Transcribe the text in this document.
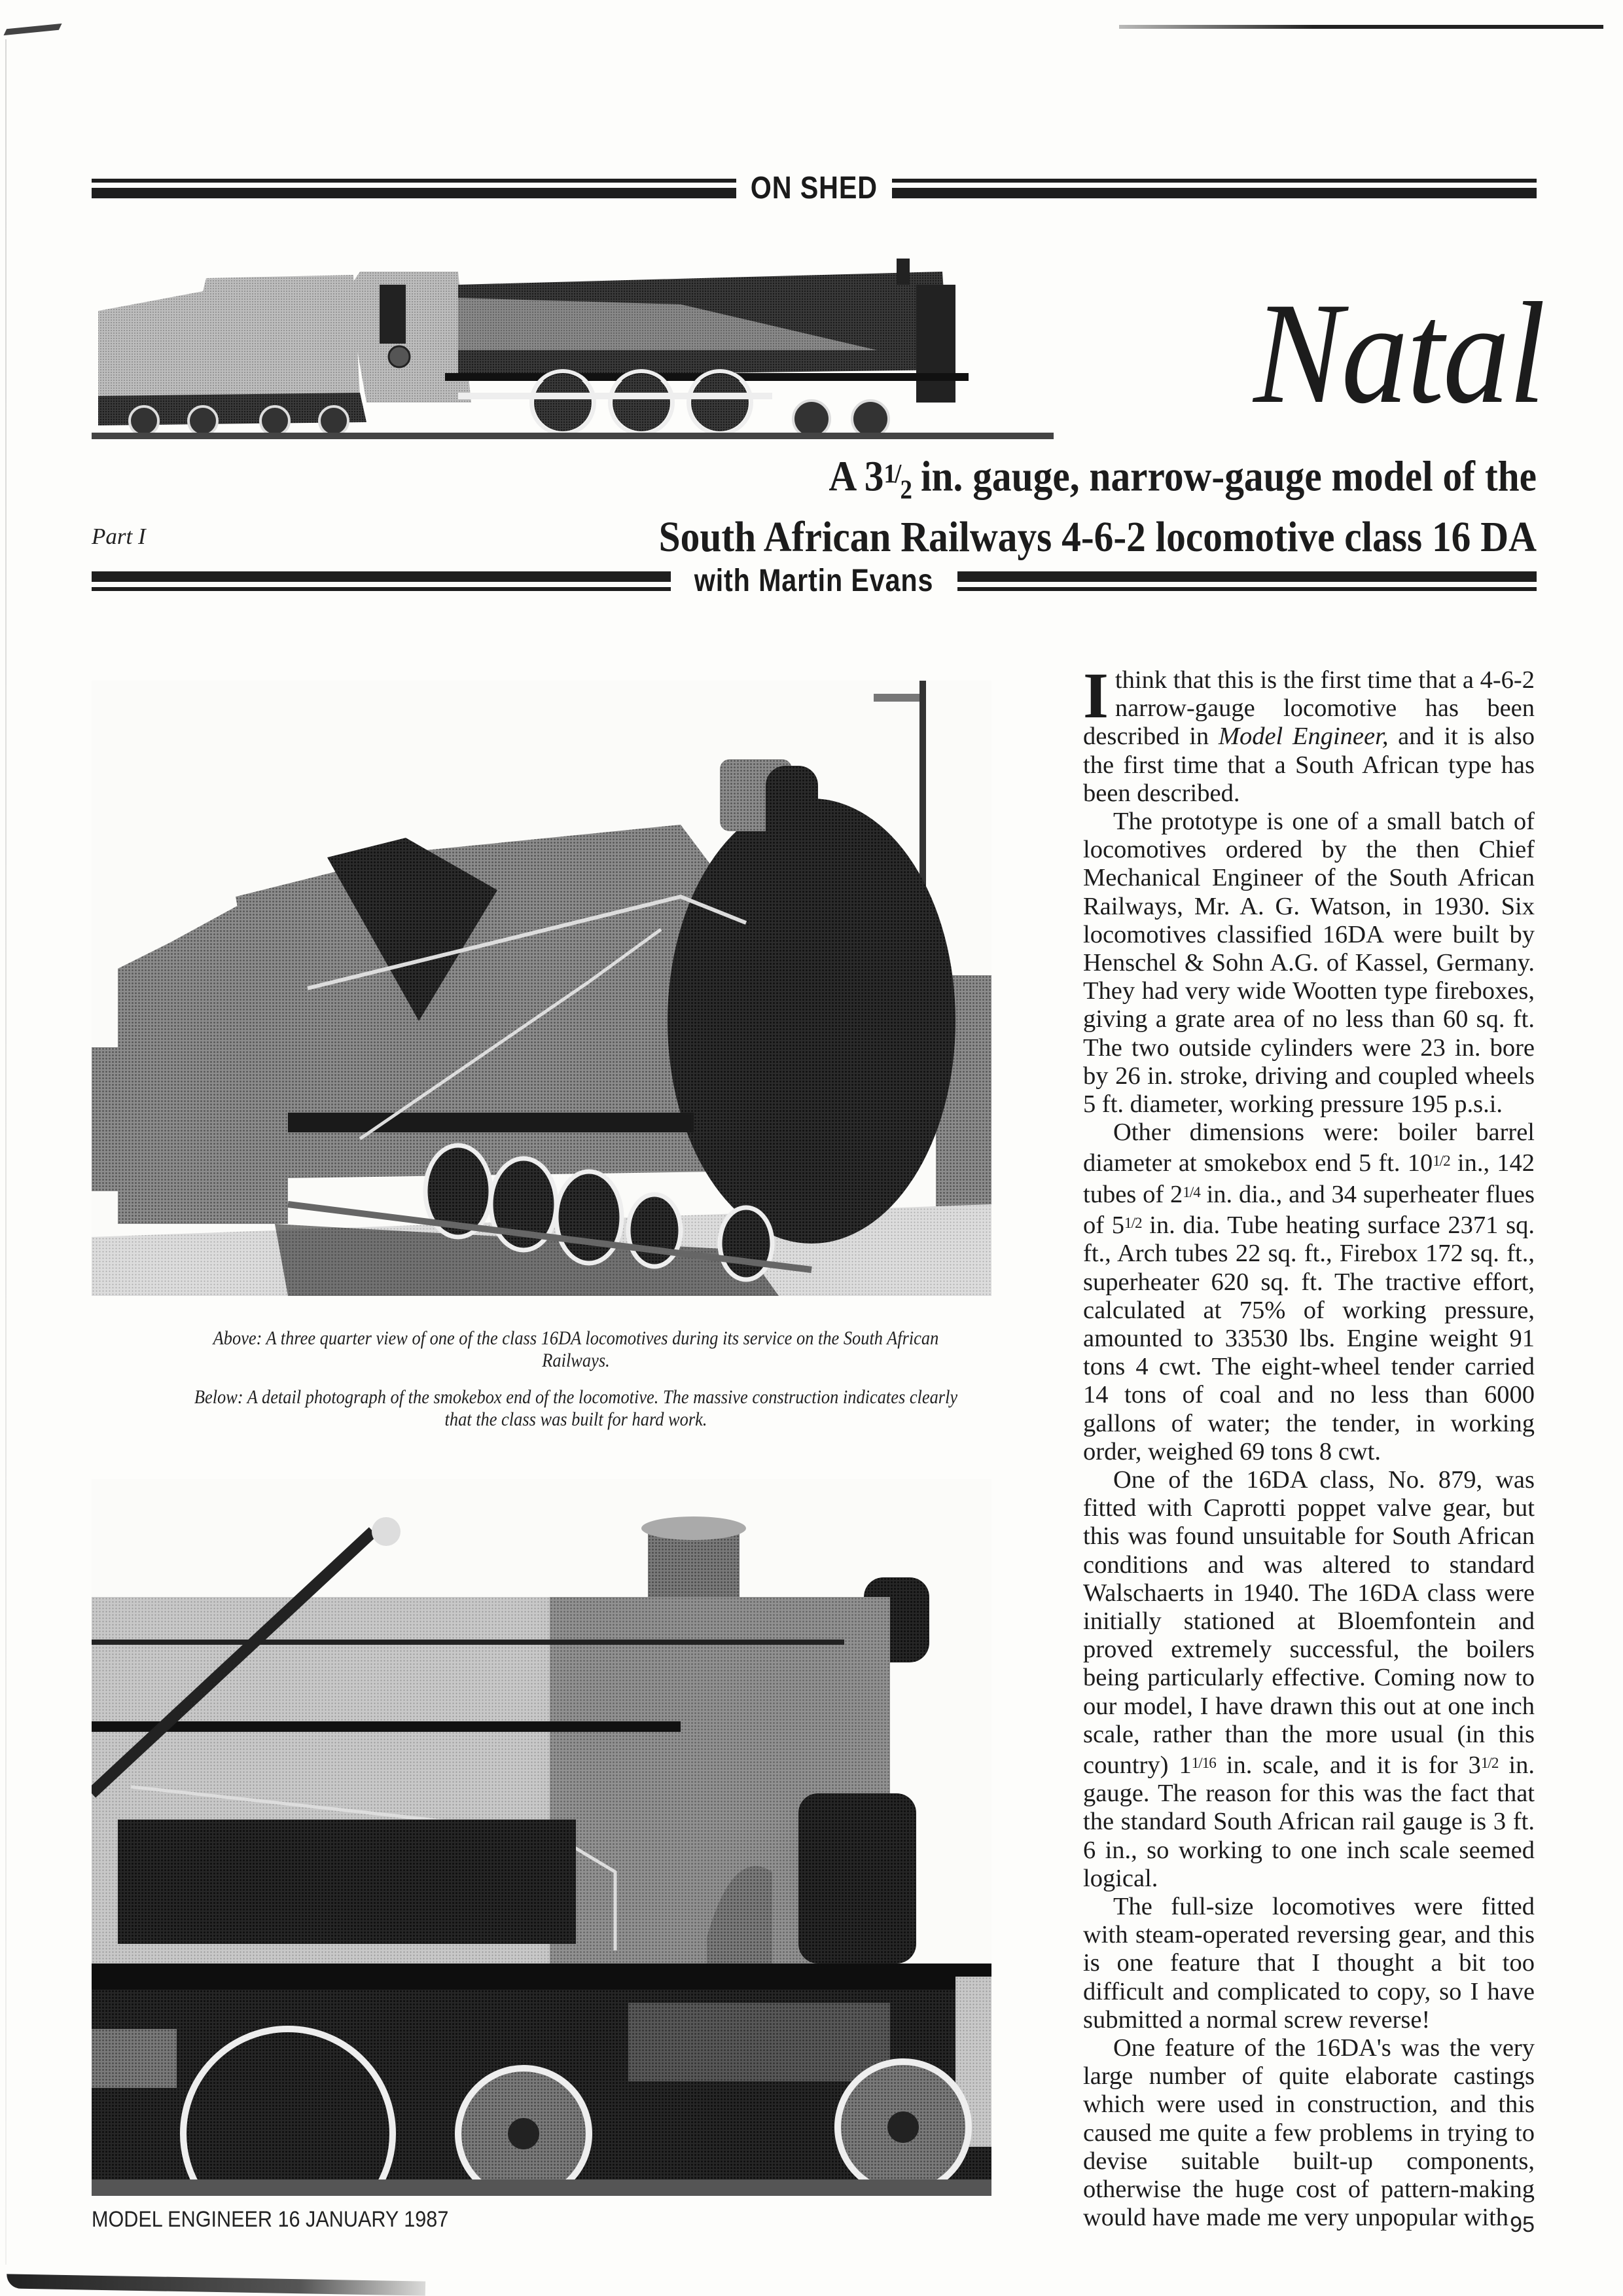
ON SHED
Natal
A $31/_2$ in. gauge, narrow-gauge model of the
South African Railways 4-6-2 locomotive class 16 DA
Part I
with Martin Evans

Above: A three quarter view of one of the class 16DA locomotives during its service on the South African Railways.

Below: A detail photograph of the smokebox end of the locomotive. The massive construction indicates clearly that the class was built for hard work.

I think that this is the first time that a 4-6-2 narrow-gauge locomotive has been described in Model Engineer, and it is also the first time that a South African type has been described.

The prototype is one of a small batch of locomotives ordered by the then Chief Mechanical Engineer of the South African Railways, Mr. A. G. Watson, in 1930. Six locomotives classified 16DA were built by Henschel & Sohn A.G. of Kassel, Germany. They had very wide Wootten type fireboxes, giving a grate area of no less than 60 sq. ft. The two outside cylinders were 23 in. bore by 26 in. stroke, driving and coupled wheels 5 ft. diameter, working pressure 195 p.s.i.

Other dimensions were: boiler barrel diameter at smokebox end 5 ft. $10^{1/2}$ in., 142 tubes of $2^{1/4}$ in. dia., and 34 superheater flues of $5^{1/2}$ in. dia. Tube heating surface 2371 sq. ft., Arch tubes 22 sq. ft., Firebox 172 sq. ft., superheater 620 sq. ft. The tractive effort, calculated at 75% of working pressure, amounted to 33530 lbs. Engine weight 91 tons 4 cwt. The eight-wheel tender carried 14 tons of coal and no less than 6000 gallons of water; the tender, in working order, weighed 69 tons 8 cwt.

One of the 16DA class, No. 879, was fitted with Caprotti poppet valve gear, but this was found unsuitable for South African conditions and was altered to standard Walschaerts in 1940. The 16DA class were initially stationed at Bloemfontein and proved extremely successful, the boilers being particularly effective. Coming now to our model, I have drawn this out at one inch scale, rather than the more usual (in this country) $1^{1/16}$ in. scale, and it is for $3^{1/2}$ in. gauge. The reason for this was the fact that the standard South African rail gauge is 3 ft. 6 in., so working to one inch scale seemed logical.

The full-size locomotives were fitted with steam-operated reversing gear, and this is one feature that I thought a bit too difficult and complicated to copy, so I have submitted a normal screw reverse!

One feature of the 16DA's was the very large number of quite elaborate castings which were used in construction, and this caused me quite a few problems in trying to devise suitable built-up components, otherwise the huge cost of pattern-making would have made me very unpopular with

MODEL ENGINEER 16 JANUARY 1987	95
